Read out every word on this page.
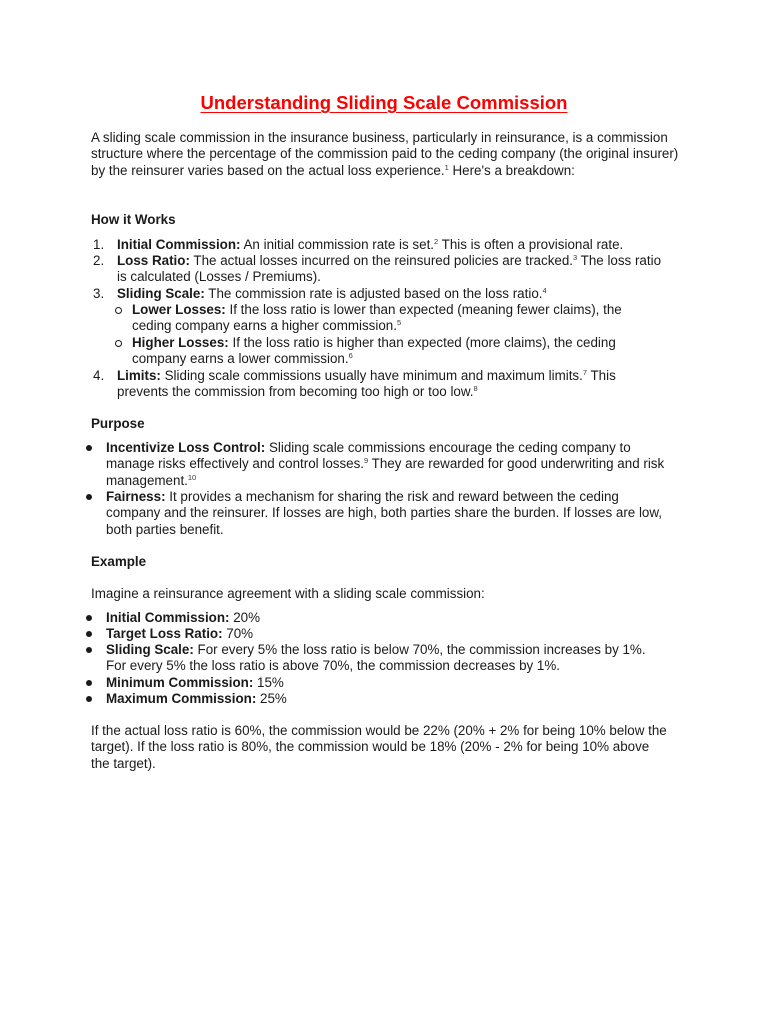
Understanding Sliding Scale Commission

A sliding scale commission in the insurance business, particularly in reinsurance, is a commission structure where the percentage of the commission paid to the ceding company (the original insurer) by the reinsurer varies based on the actual loss experience.$^1$ Here's a breakdown:

How it Works
1. Initial Commission: An initial commission rate is set.$^2$ This is often a provisional rate.

2. Loss Ratio: The actual losses incurred on the reinsured policies are tracked.$^3$ The loss ratio is calculated (Losses / Premiums).

3. Sliding Scale: The commission rate is adjusted based on the loss ratio.$^4$

Lower Losses: If the loss ratio is lower than expected (meaning fewer claims), the ceding company earns a higher commission.$^5$

Higher Losses: If the loss ratio is higher than expected (more claims), the ceding company earns a lower commission.$^6$

4. Limits: Sliding scale commissions usually have minimum and maximum limits.$^7$ This prevents the commission from becoming too high or too low.$^8$

Purpose

Incentivize Loss Control: Sliding scale commissions encourage the ceding company to manage risks effectively and control losses.$^9$ They are rewarded for good underwriting and risk management.$^{10}$

Fairness: It provides a mechanism for sharing the risk and reward between the ceding company and the reinsurer. If losses are high, both parties share the burden. If losses are low, both parties benefit.

Example

Imagine a reinsurance agreement with a sliding scale commission:

Initial Commission: 20%

Target Loss Ratio: 70%

Sliding Scale: For every 5% the loss ratio is below 70%, the commission increases by 1%. For every 5% the loss ratio is above 70%, the commission decreases by 1%.

Minimum Commission: 15%

Maximum Commission: 25%

If the actual loss ratio is 60%, the commission would be 22% (20% + 2% for being 10% below the target). If the loss ratio is 80%, the commission would be 18% (20% - 2% for being 10% above the target).
